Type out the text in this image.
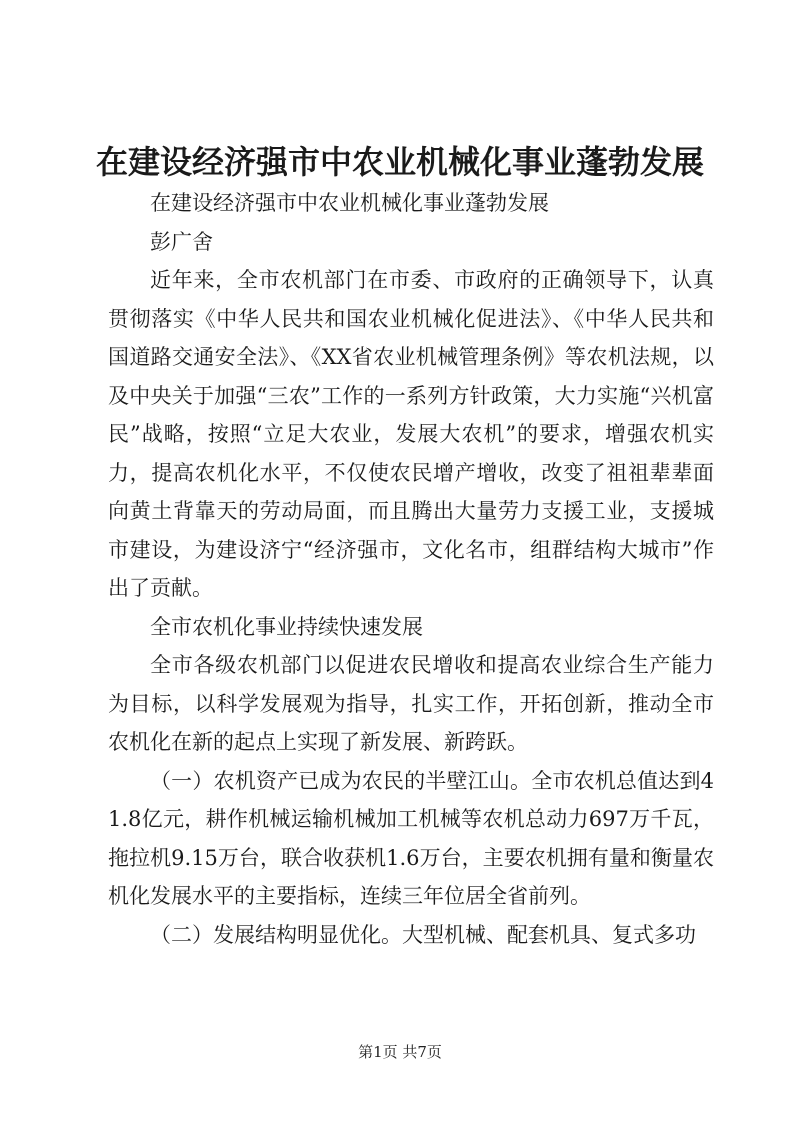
在建设经济强市中农业机械化事业蓬勃发展

在建设经济强市中农业机械化事业蓬勃发展

彭广舍

近年来，全市农机部门在市委、市政府的正确领导下，认真贯彻落实《中华人民共和国农业机械化促进法》、《中华人民共和国道路交通安全法》、《XX省农业机械管理条例》等农机法规，以及中央关于加强“三农”工作的一系列方针政策，大力实施“兴机富民”战略，按照“立足大农业，发展大农机”的要求，增强农机实力，提高农机化水平，不仅使农民增产增收，改变了祖祖辈辈面向黄土背靠天的劳动局面，而且腾出大量劳力支援工业，支援城市建设，为建设济宁“经济强市，文化名市，组群结构大城市”作出了贡献。

全市农机化事业持续快速发展

全市各级农机部门以促进农民增收和提高农业综合生产能力为目标，以科学发展观为指导，扎实工作，开拓创新，推动全市农机化在新的起点上实现了新发展、新跨跃。

（一）农机资产已成为农民的半壁江山。全市农机总值达到41.8亿元，耕作机械运输机械加工机械等农机总动力697万千瓦，拖拉机9.15万台，联合收获机1.6万台，主要农机拥有量和衡量农机化发展水平的主要指标，连续三年位居全省前列。

（二）发展结构明显优化。大型机械、配套机具、复式多功

第1页 共7页
